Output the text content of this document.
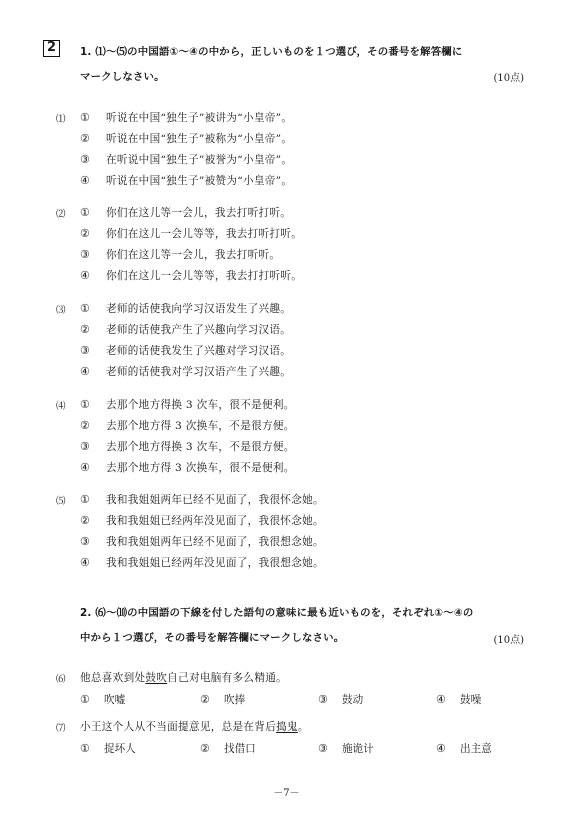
2	1. ⑴～⑸の中国語①～④の中から，正しいものを１つ選び，その番号を解答欄に
マークしなさい。	(10点)
⑴ ① 听说在中国“独生子”被讲为“小皇帝”。
② 听说在中国“独生子”被称为“小皇帝”。
③ 在听说中国“独生子”被誉为“小皇帝”。
④ 听说在中国“独生子”被赞为“小皇帝”。
⑵ ① 你们在这儿等一会儿，我去打听打听。
② 你们在这儿一会儿等等，我去打听打听。
③ 你们在这儿等一会儿，我去打听听。
④ 你们在这儿一会儿等等，我去打打听听。
⑶ ① 老师的话使我向学习汉语发生了兴趣。
② 老师的话使我产生了兴趣向学习汉语。
③ 老师的话使我发生了兴趣对学习汉语。
④ 老师的话使我对学习汉语产生了兴趣。
⑷ ① 去那个地方得换 3 次车，很不是便利。
② 去那个地方得 3 次换车，不是很方便。
③ 去那个地方得换 3 次车，不是很方便。
④ 去那个地方得 3 次换车，很不是便利。
⑸ ① 我和我姐姐两年已经不见面了，我很怀念她。
② 我和我姐姐已经两年没见面了，我很怀念她。
③ 我和我姐姐两年已经不见面了，我很想念她。
④ 我和我姐姐已经两年没见面了，我很想念她。
2. ⑹～⑽の中国語の下線を付した語句の意味に最も近いものを，それぞれ①～④の
中から１つ選び，その番号を解答欄にマークしなさい。	(10点)
⑹ 他总喜欢到处鼓吹自己对电脑有多么精通。
① 吹嘘	② 吹捧	③ 鼓动	④ 鼓噪
⑺ 小王这个人从不当面提意见，总是在背后捣鬼。
① 捉坏人	② 找借口	③ 施诡计	④ 出主意
－7－
